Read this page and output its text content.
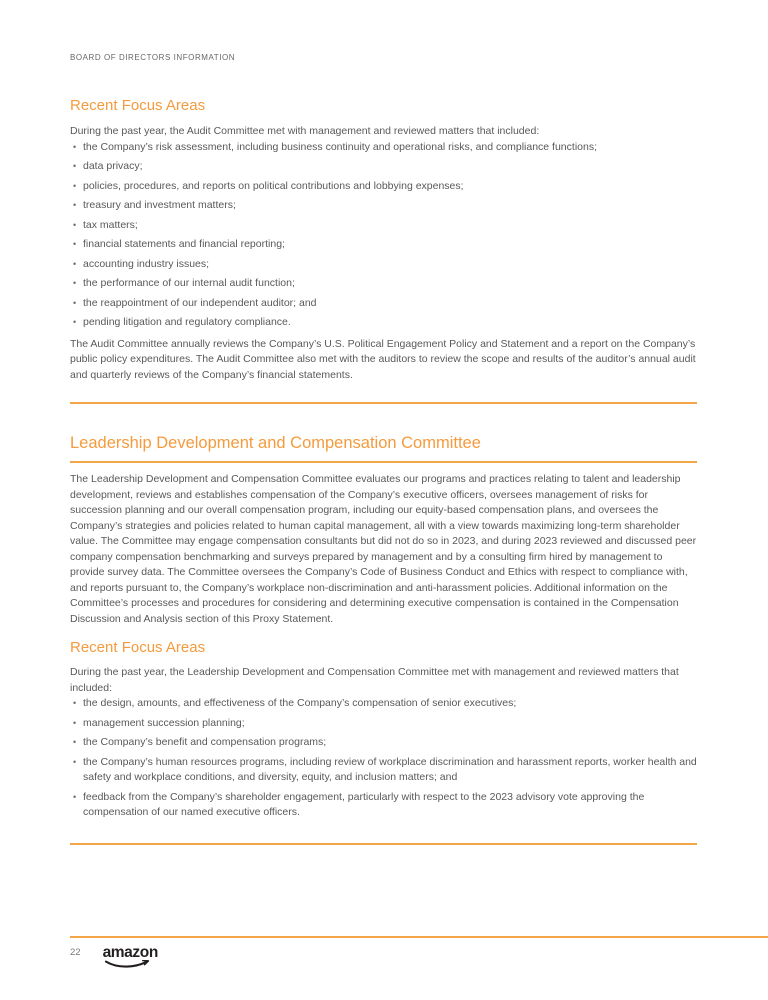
BOARD OF DIRECTORS INFORMATION

Recent Focus Areas

During the past year, the Audit Committee met with management and reviewed matters that included:

• the Company’s risk assessment, including business continuity and operational risks, and compliance functions;
• data privacy;
• policies, procedures, and reports on political contributions and lobbying expenses;
• treasury and investment matters;
• tax matters;
• financial statements and financial reporting;
• accounting industry issues;
• the performance of our internal audit function;
• the reappointment of our independent auditor; and
• pending litigation and regulatory compliance.

The Audit Committee annually reviews the Company’s U.S. Political Engagement Policy and Statement and a report on the Company’s public policy expenditures. The Audit Committee also met with the auditors to review the scope and results of the auditor’s annual audit and quarterly reviews of the Company’s financial statements.

Leadership Development and Compensation Committee

The Leadership Development and Compensation Committee evaluates our programs and practices relating to talent and leadership development, reviews and establishes compensation of the Company’s executive officers, oversees management of risks for succession planning and our overall compensation program, including our equity-based compensation plans, and oversees the Company’s strategies and policies related to human capital management, all with a view towards maximizing long-term shareholder value. The Committee may engage compensation consultants but did not do so in 2023, and during 2023 reviewed and discussed peer company compensation benchmarking and surveys prepared by management and by a consulting firm hired by management to provide survey data. The Committee oversees the Company’s Code of Business Conduct and Ethics with respect to compliance with, and reports pursuant to, the Company’s workplace non-discrimination and anti-harassment policies. Additional information on the Committee’s processes and procedures for considering and determining executive compensation is contained in the Compensation Discussion and Analysis section of this Proxy Statement.

Recent Focus Areas

During the past year, the Leadership Development and Compensation Committee met with management and reviewed matters that included:

• the design, amounts, and effectiveness of the Company’s compensation of senior executives;
• management succession planning;
• the Company’s benefit and compensation programs;
• the Company’s human resources programs, including review of workplace discrimination and harassment reports, worker health and safety and workplace conditions, and diversity, equity, and inclusion matters; and
• feedback from the Company’s shareholder engagement, particularly with respect to the 2023 advisory vote approving the compensation of our named executive officers.
22 amazon
